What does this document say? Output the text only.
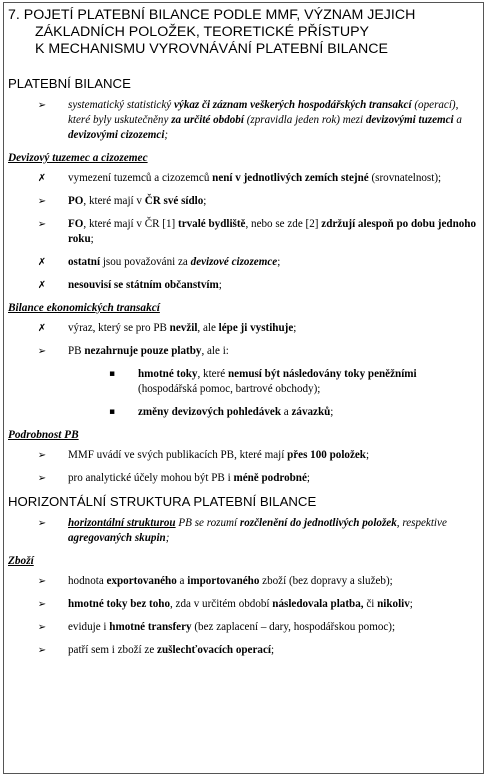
7. POJETÍ PLATEBNÍ BILANCE PODLE MMF, VÝZNAM JEJICH
ZÁKLADNÍCH POLOŽEK, TEORETICKÉ PŘÍSTUPY
K MECHANISMU VYROVNÁVÁNÍ PLATEBNÍ BILANCE
PLATEBNÍ BILANCE
➢ systematický statistický výkaz či záznam veškerých hospodářských transakcí (operací), které byly uskutečněny za určité období (zpravidla jeden rok) mezi devizovými tuzemci a devizovými cizozemci;
Devizový tuzemec a cizozemec
✗ vymezení tuzemců a cizozemců není v jednotlivých zemích stejné (srovnatelnost);
➢ PO, které mají v ČR své sídlo;
➢ FO, které mají v ČR [1] trvalé bydliště, nebo se zde [2] zdržují alespoň po dobu jednoho roku;
✗ ostatní jsou považováni za devizové cizozemce;
✗ nesouvisí se státním občanstvím;
Bilance ekonomických transakcí
✗ výraz, který se pro PB nevžil, ale lépe ji vystihuje;
➢ PB nezahrnuje pouze platby, ale i:
▪	hmotné toky, které nemusí být následovány toky peněžními (hospodářská pomoc, bartrové obchody);
▪	změny devizových pohledávek a závazků;
Podrobnost PB
➢ MMF uvádí ve svých publikacích PB, které mají přes 100 položek;
➢ pro analytické účely mohou být PB i méně podrobné;
HORIZONTÁLNÍ STRUKTURA PLATEBNÍ BILANCE
➢ horizontální strukturou PB se rozumí rozčlenění do jednotlivých položek, respektive agregovaných skupin;
Zboží
➢ hodnota exportovaného a importovaného zboží (bez dopravy a služeb);
➢ hmotné toky bez toho, zda v určitém období následovala platba, či nikoliv;
➢ eviduje i hmotné transfery (bez zaplacení – dary, hospodářskou pomoc);
➢ patří sem i zboží ze zušlechťovacích operací;
